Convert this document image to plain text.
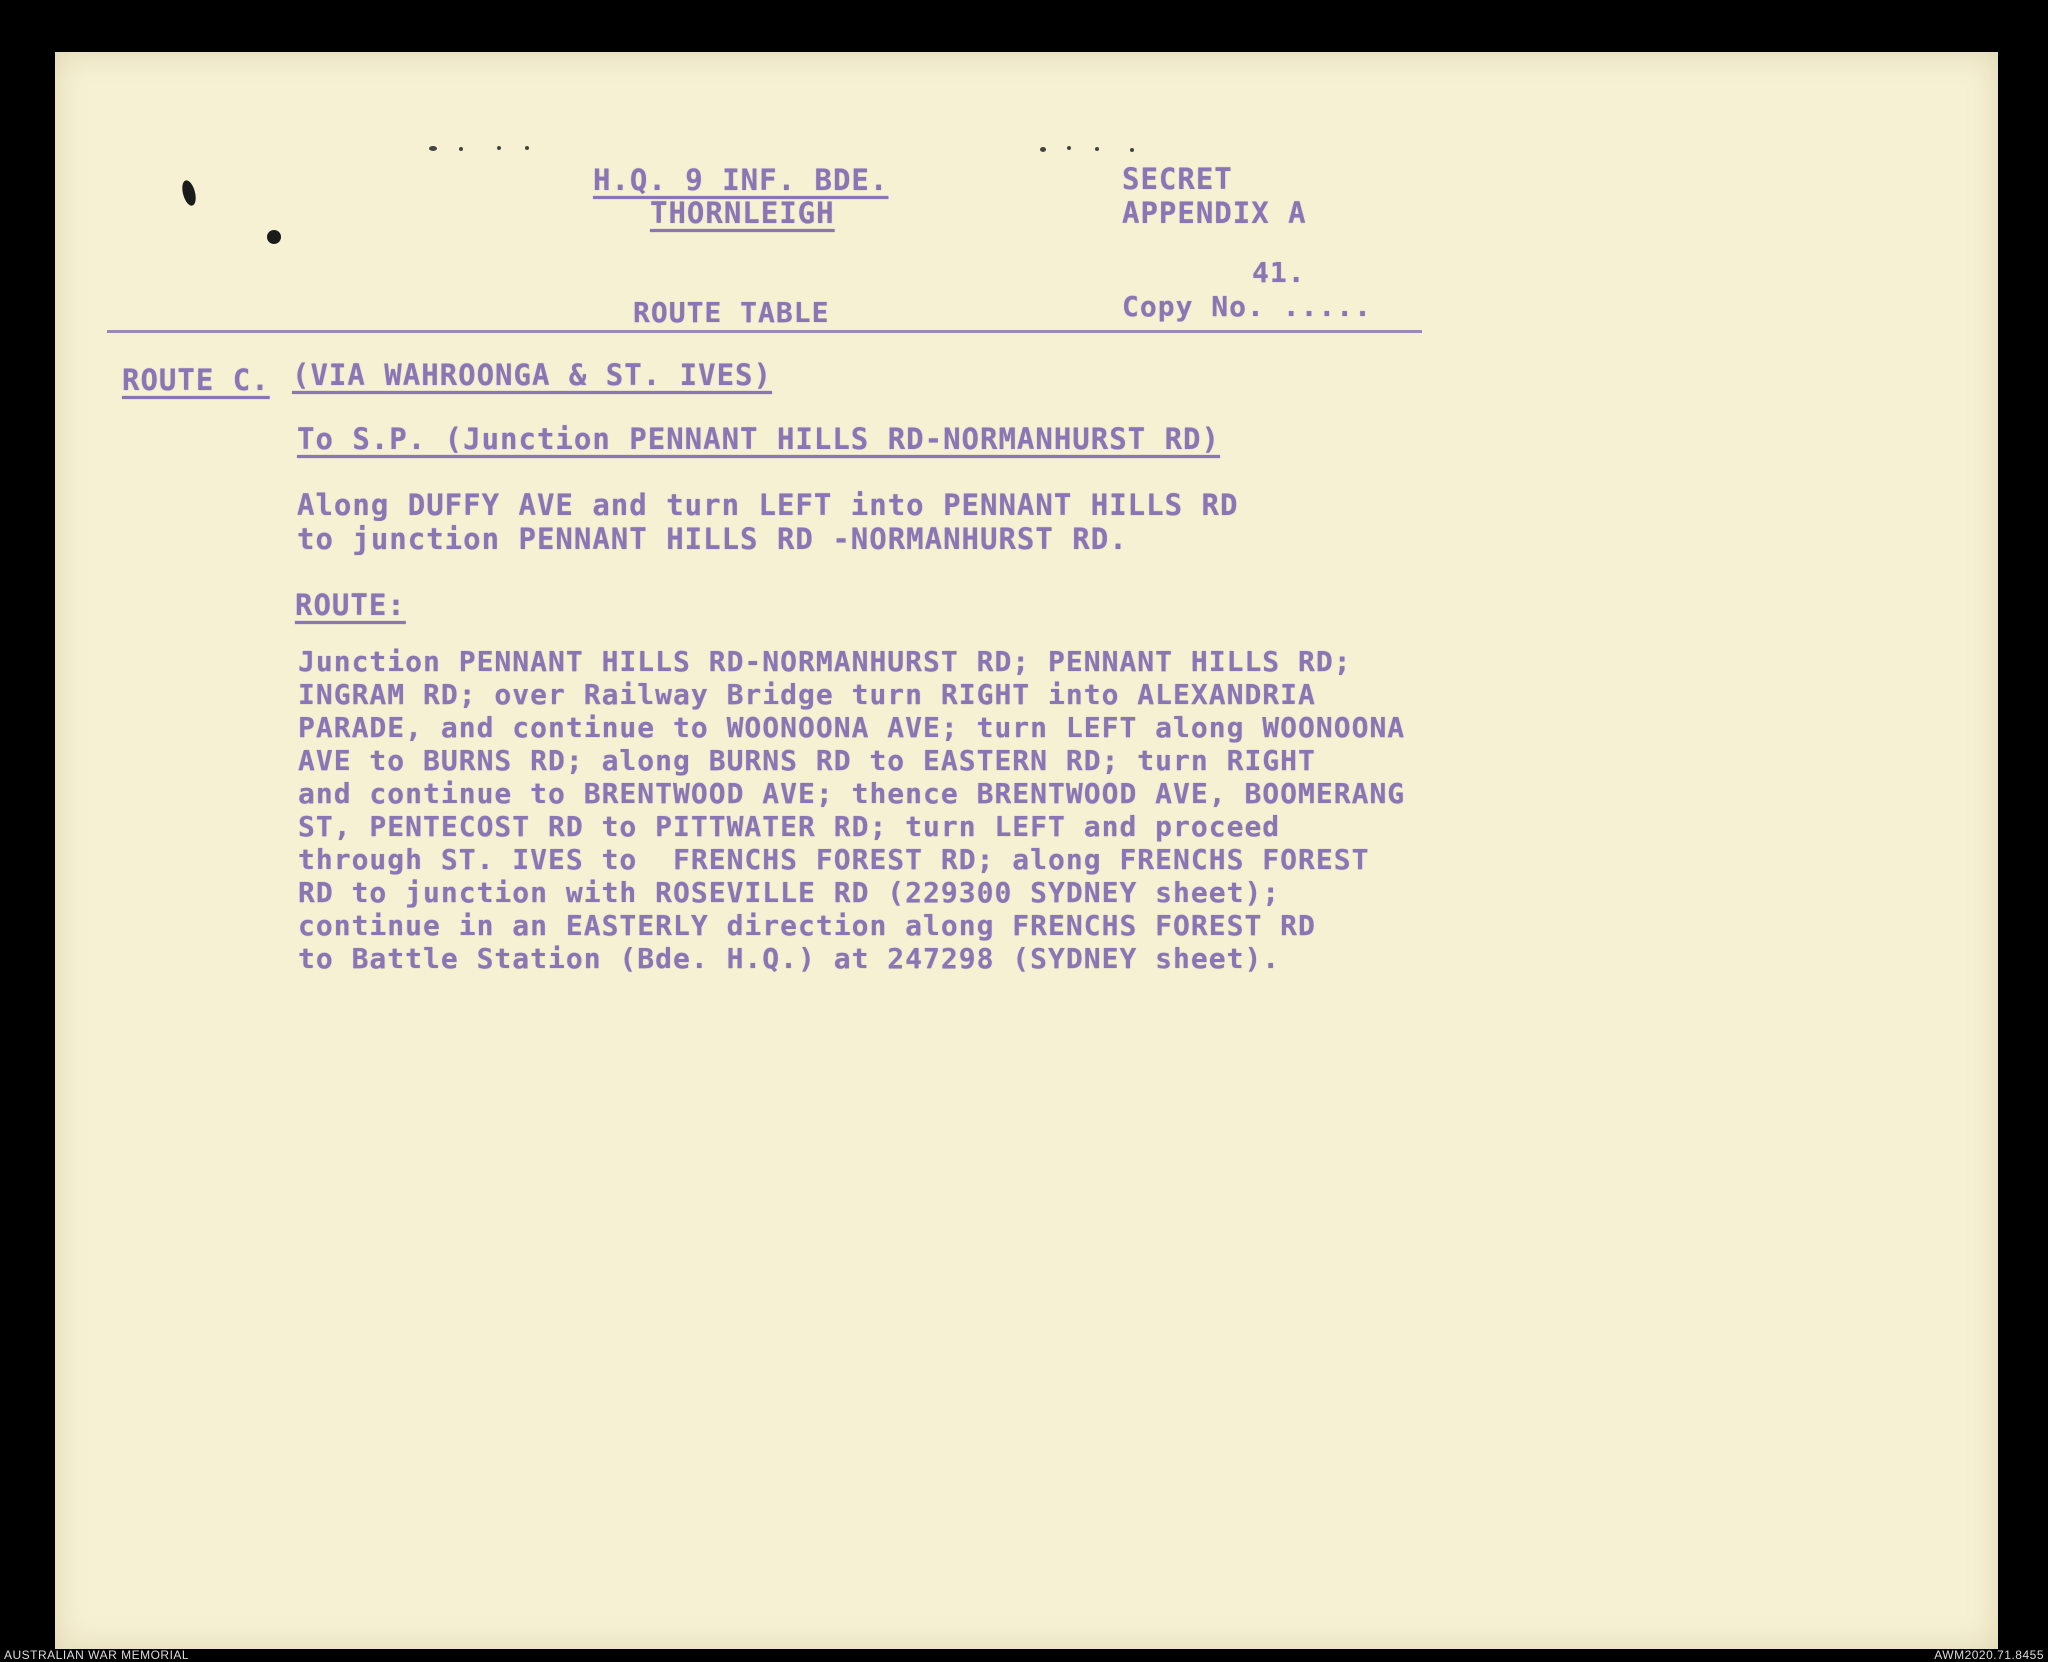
H.Q. 9 INF. BDE.
THORNLEIGH
SECRET
APPENDIX A
41.
ROUTE TABLE	Copy No. .....
ROUTE C. (VIA WAHROONGA & ST. IVES)
To S.P. (Junction PENNANT HILLS RD-NORMANHURST RD)
Along DUFFY AVE and turn LEFT into PENNANT HILLS RD
to junction PENNANT HILLS RD -NORMANHURST RD.
ROUTE:
Junction PENNANT HILLS RD-NORMANHURST RD; PENNANT HILLS RD;
INGRAM RD; over Railway Bridge turn RIGHT into ALEXANDRIA
PARADE, and continue to WOONOONA AVE; turn LEFT along WOONOONA
AVE to BURNS RD; along BURNS RD to EASTERN RD; turn RIGHT
and continue to BRENTWOOD AVE; thence BRENTWOOD AVE, BOOMERANG
ST, PENTECOST RD to PITTWATER RD; turn LEFT and proceed
through ST. IVES to  FRENCHS FOREST RD; along FRENCHS FOREST
RD to junction with ROSEVILLE RD (229300 SYDNEY sheet);
continue in an EASTERLY direction along FRENCHS FOREST RD
to Battle Station (Bde. H.Q.) at 247298 (SYDNEY sheet).
AUSTRALIAN WAR MEMORIAL	AWM2020.71.8455
